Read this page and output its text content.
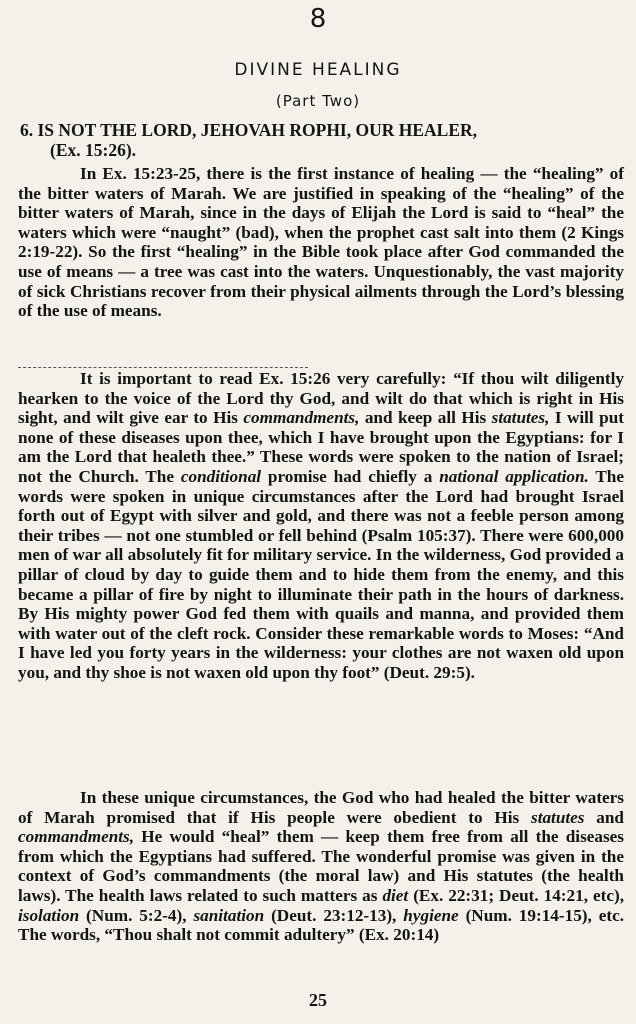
8
DIVINE HEALING
(Part Two)
6. IS NOT THE LORD, JEHOVAH ROPHI, OUR HEALER,
(Ex. 15:26).

In Ex. 15:23-25, there is the first instance of healing — the “healing” of the bitter waters of Marah. We are justified in speaking of the “healing” of the bitter waters of Marah, since in the days of Elijah the Lord is said to “heal” the waters which were “naught” (bad), when the prophet cast salt into them (2 Kings 2:19-22). So the first “healing” in the Bible took place after God commanded the use of means — a tree was cast into the waters. Unquestionably, the vast majority of sick Christians recover from their physical ailments through the Lord’s blessing of the use of means.

It is important to read Ex. 15:26 very carefully: “If thou wilt diligently hearken to the voice of the Lord thy God, and wilt do that which is right in His sight, and wilt give ear to His commandments, and keep all His statutes, I will put none of these diseases upon thee, which I have brought upon the Egyptians: for I am the Lord that healeth thee.” These words were spoken to the nation of Israel; not the Church. The conditional promise had chiefly a national application. The words were spoken in unique circumstances after the Lord had brought Israel forth out of Egypt with silver and gold, and there was not a feeble person among their tribes — not one stumbled or fell behind (Psalm 105:37). There were 600,000 men of war all absolutely fit for military service. In the wilderness, God provided a pillar of cloud by day to guide them and to hide them from the enemy, and this became a pillar of fire by night to illuminate their path in the hours of darkness. By His mighty power God fed them with quails and manna, and provided them with water out of the cleft rock. Consider these remarkable words to Moses: “And I have led you forty years in the wilderness: your clothes are not waxen old upon you, and thy shoe is not waxen old upon thy foot” (Deut. 29:5).

In these unique circumstances, the God who had healed the bitter waters of Marah promised that if His people were obedient to His statutes and commandments, He would “heal” them — keep them free from all the diseases from which the Egyptians had suffered. The wonderful promise was given in the context of God’s commandments (the moral law) and His statutes (the health laws). The health laws related to such matters as diet (Ex. 22:31; Deut. 14:21, etc), isolation (Num. 5:2-4), sanitation (Deut. 23:12-13), hygiene (Num. 19:14-15), etc. The words, “Thou shalt not commit adultery” (Ex. 20:14)

25
